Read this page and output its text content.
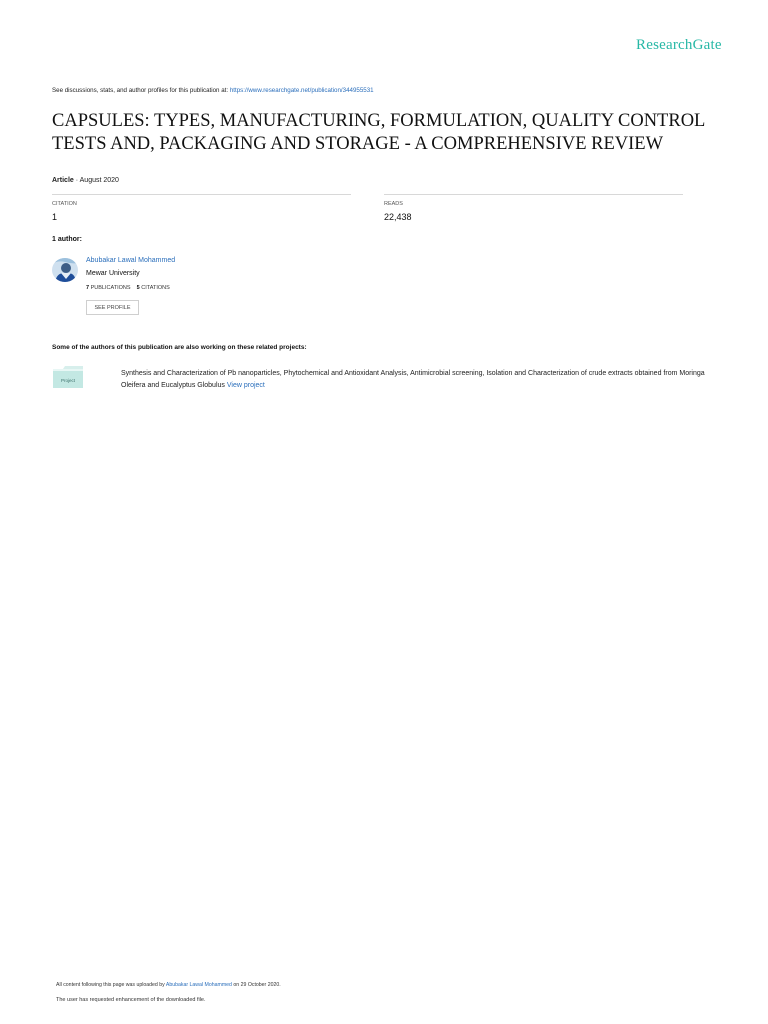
ResearchGate
See discussions, stats, and author profiles for this publication at: https://www.researchgate.net/publication/344955531
CAPSULES: TYPES, MANUFACTURING, FORMULATION, QUALITY CONTROL
TESTS AND, PACKAGING AND STORAGE - A COMPREHENSIVE REVIEW
Article · August 2020
CITATION
1
READS
22,438
1 author:
Abubakar Lawal Mohammed
Mewar University
7 PUBLICATIONS 5 CITATIONS
SEE PROFILE
Some of the authors of this publication are also working on these related projects:
Project
Synthesis and Characterization of Pb nanoparticles, Phytochemical and Antioxidant Analysis, Antimicrobial screening, Isolation and Characterization of crude extracts obtained from Moringa Oleifera and Eucalyptus Globulus View project
All content following this page was uploaded by Abubakar Lawal Mohammed on 29 October 2020.
The user has requested enhancement of the downloaded file.
